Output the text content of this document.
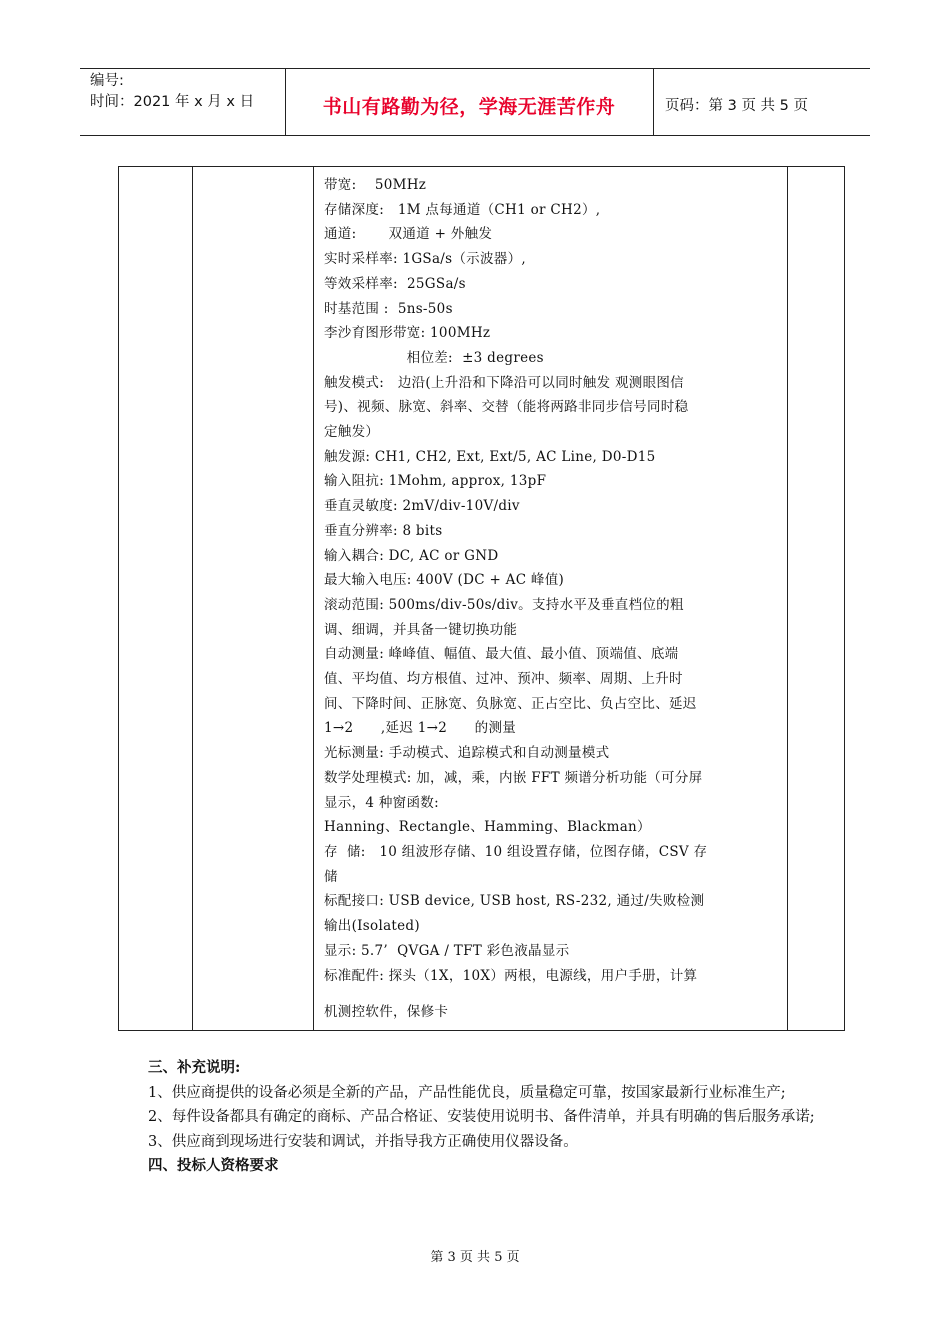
编号:
时间：2021 年 x 月 x 日	书山有路勤为径，学海无涯苦作舟	页码：第 3 页 共 5 页
带宽:    50MHz
存储深度:   1M 点每通道（CH1 or CH2）,
通道:       双通道 + 外触发
实时采样率: 1GSa/s（示波器）,
等效采样率:  25GSa/s
时基范围 :  5ns-50s
李沙育图形带宽: 100MHz
相位差:  ±3 degrees
触发模式:   边沿(上升沿和下降沿可以同时触发 观测眼图信
号)、视频、脉宽、斜率、交替（能将两路非同步信号同时稳
定触发）
触发源: CH1, CH2, Ext, Ext/5, AC Line, D0-D15
输入阻抗: 1Mohm, approx, 13pF
垂直灵敏度: 2mV/div-10V/div
垂直分辨率: 8 bits
输入耦合: DC, AC or GND
最大输入电压: 400V (DC + AC 峰值)
滚动范围: 500ms/div-50s/div。支持水平及垂直档位的粗
调、细调，并具备一键切换功能
自动测量: 峰峰值、幅值、最大值、最小值、顶端值、底端
值、平均值、均方根值、过冲、预冲、频率、周期、上升时
间、下降时间、正脉宽、负脉宽、正占空比、负占空比、延迟
1→2      ,延迟 1→2      的测量
光标测量: 手动模式、追踪模式和自动测量模式
数学处理模式: 加，减，乘，内嵌 FFT 频谱分析功能（可分屏
显示，4 种窗函数:
Hanning、Rectangle、Hamming、Blackman）
存  储:   10 组波形存储、10 组设置存储，位图存储，CSV 存
储
标配接口: USB device, USB host, RS-232, 通过/失败检测
输出(Isolated)
显示: 5.7’  QVGA / TFT 彩色液晶显示
标准配件: 探头（1X，10X）两根，电源线，用户手册，计算
机测控软件，保修卡
三、补充说明:
1、供应商提供的设备必须是全新的产品，产品性能优良，质量稳定可靠，按国家最新行业标准生产;
2、每件设备都具有确定的商标、产品合格证、安装使用说明书、备件清单，并具有明确的售后服务承诺;
3、供应商到现场进行安装和调试，并指导我方正确使用仪器设备。
四、投标人资格要求
第 3 页 共 5 页
